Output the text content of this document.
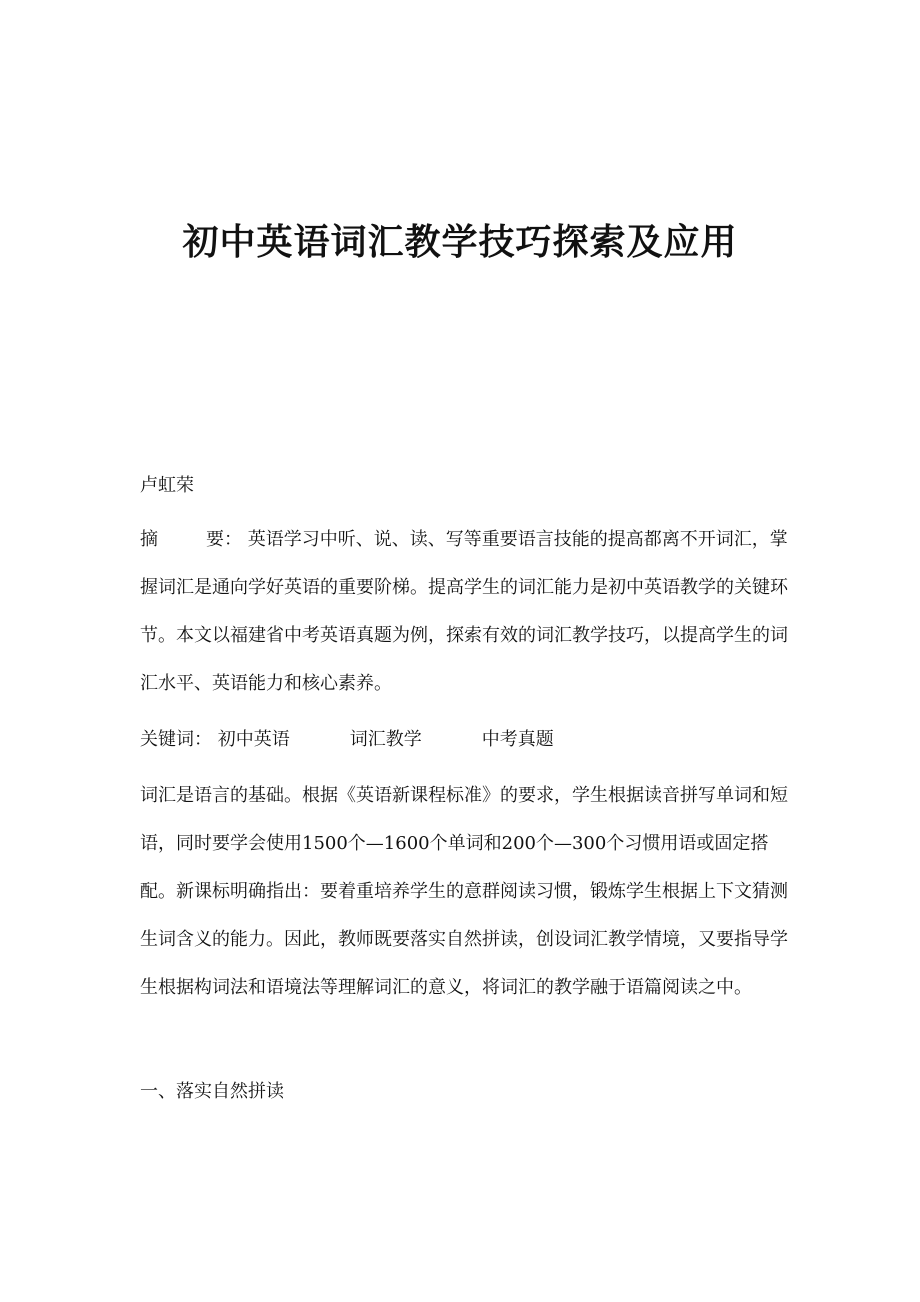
初中英语词汇教学技巧探索及应用

卢虹荣

摘	要： 英语学习中听、说、读、写等重要语言技能的提高都离不开词汇，掌握词汇是通向学好英语的重要阶梯。提高学生的词汇能力是初中英语教学的关键环节。本文以福建省中考英语真题为例，探索有效的词汇教学技巧，以提高学生的词汇水平、英语能力和核心素养。

关键词： 初中英语	词汇教学	中考真题

词汇是语言的基础。根据《英语新课程标准》的要求，学生根据读音拼写单词和短语，同时要学会使用1500个—1600个单词和200个—300个习惯用语或固定搭配。新课标明确指出：要着重培养学生的意群阅读习惯，锻炼学生根据上下文猜测生词含义的能力。因此，教师既要落实自然拼读，创设词汇教学情境，又要指导学生根据构词法和语境法等理解词汇的意义，将词汇的教学融于语篇阅读之中。

一、落实自然拼读
